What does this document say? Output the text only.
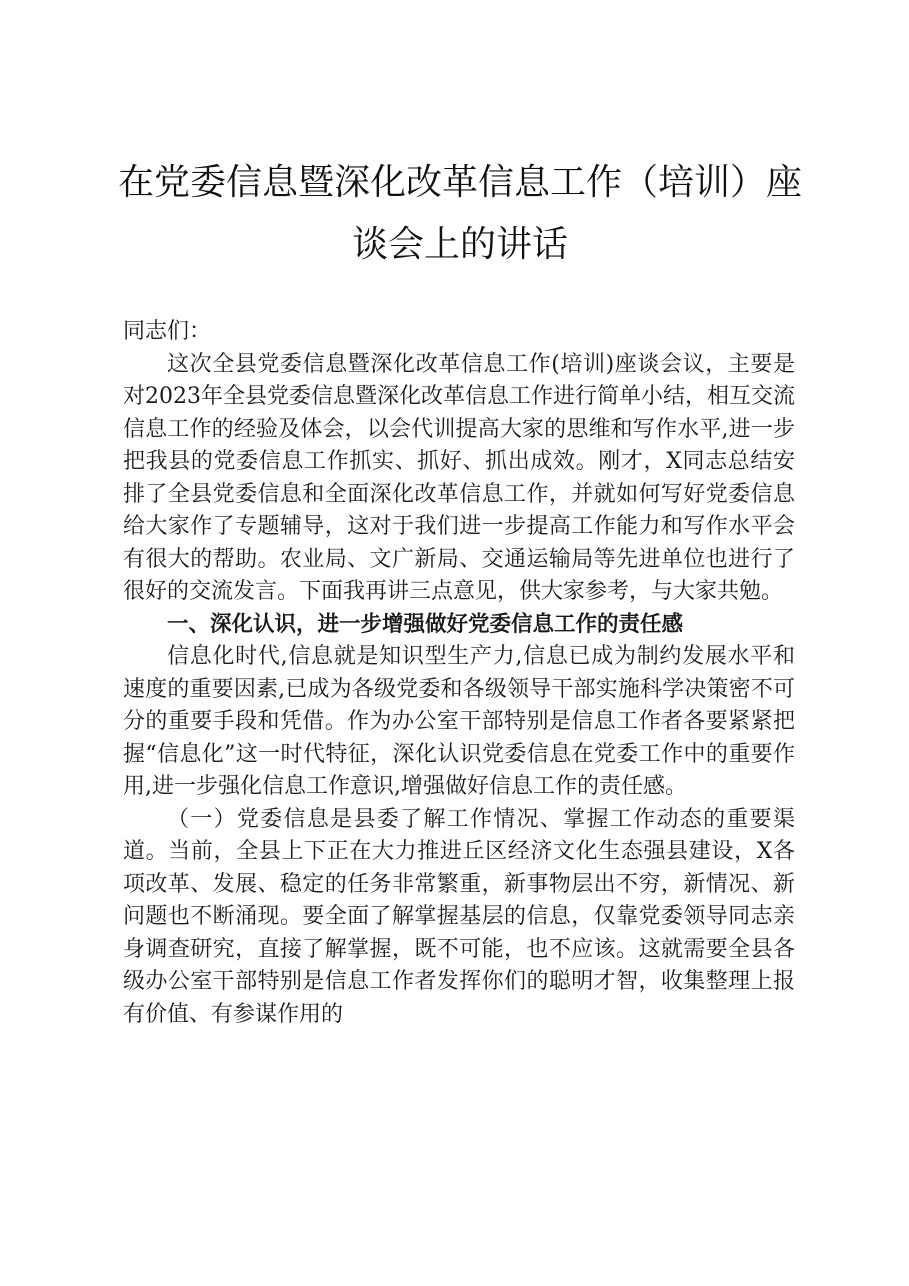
在党委信息暨深化改革信息工作（培训）座谈会上的讲话

同志们：

这次全县党委信息暨深化改革信息工作(培训)座谈会议，主要是对2023年全县党委信息暨深化改革信息工作进行简单小结，相互交流信息工作的经验及体会，以会代训提高大家的思维和写作水平,进一步把我县的党委信息工作抓实、抓好、抓出成效。刚才，X同志总结安排了全县党委信息和全面深化改革信息工作，并就如何写好党委信息给大家作了专题辅导，这对于我们进一步提高工作能力和写作水平会有很大的帮助。农业局、文广新局、交通运输局等先进单位也进行了很好的交流发言。下面我再讲三点意见，供大家参考，与大家共勉。

一、深化认识，进一步增强做好党委信息工作的责任感

信息化时代,信息就是知识型生产力,信息已成为制约发展水平和速度的重要因素,已成为各级党委和各级领导干部实施科学决策密不可分的重要手段和凭借。作为办公室干部特别是信息工作者各要紧紧把握“信息化”这一时代特征，深化认识党委信息在党委工作中的重要作用,进一步强化信息工作意识,增强做好信息工作的责任感。

（一）党委信息是县委了解工作情况、掌握工作动态的重要渠道。当前，全县上下正在大力推进丘区经济文化生态强县建设，X各项改革、发展、稳定的任务非常繁重，新事物层出不穷，新情况、新问题也不断涌现。要全面了解掌握基层的信息，仅靠党委领导同志亲身调查研究，直接了解掌握，既不可能，也不应该。这就需要全县各级办公室干部特别是信息工作者发挥你们的聪明才智，收集整理上报有价值、有参谋作用的
